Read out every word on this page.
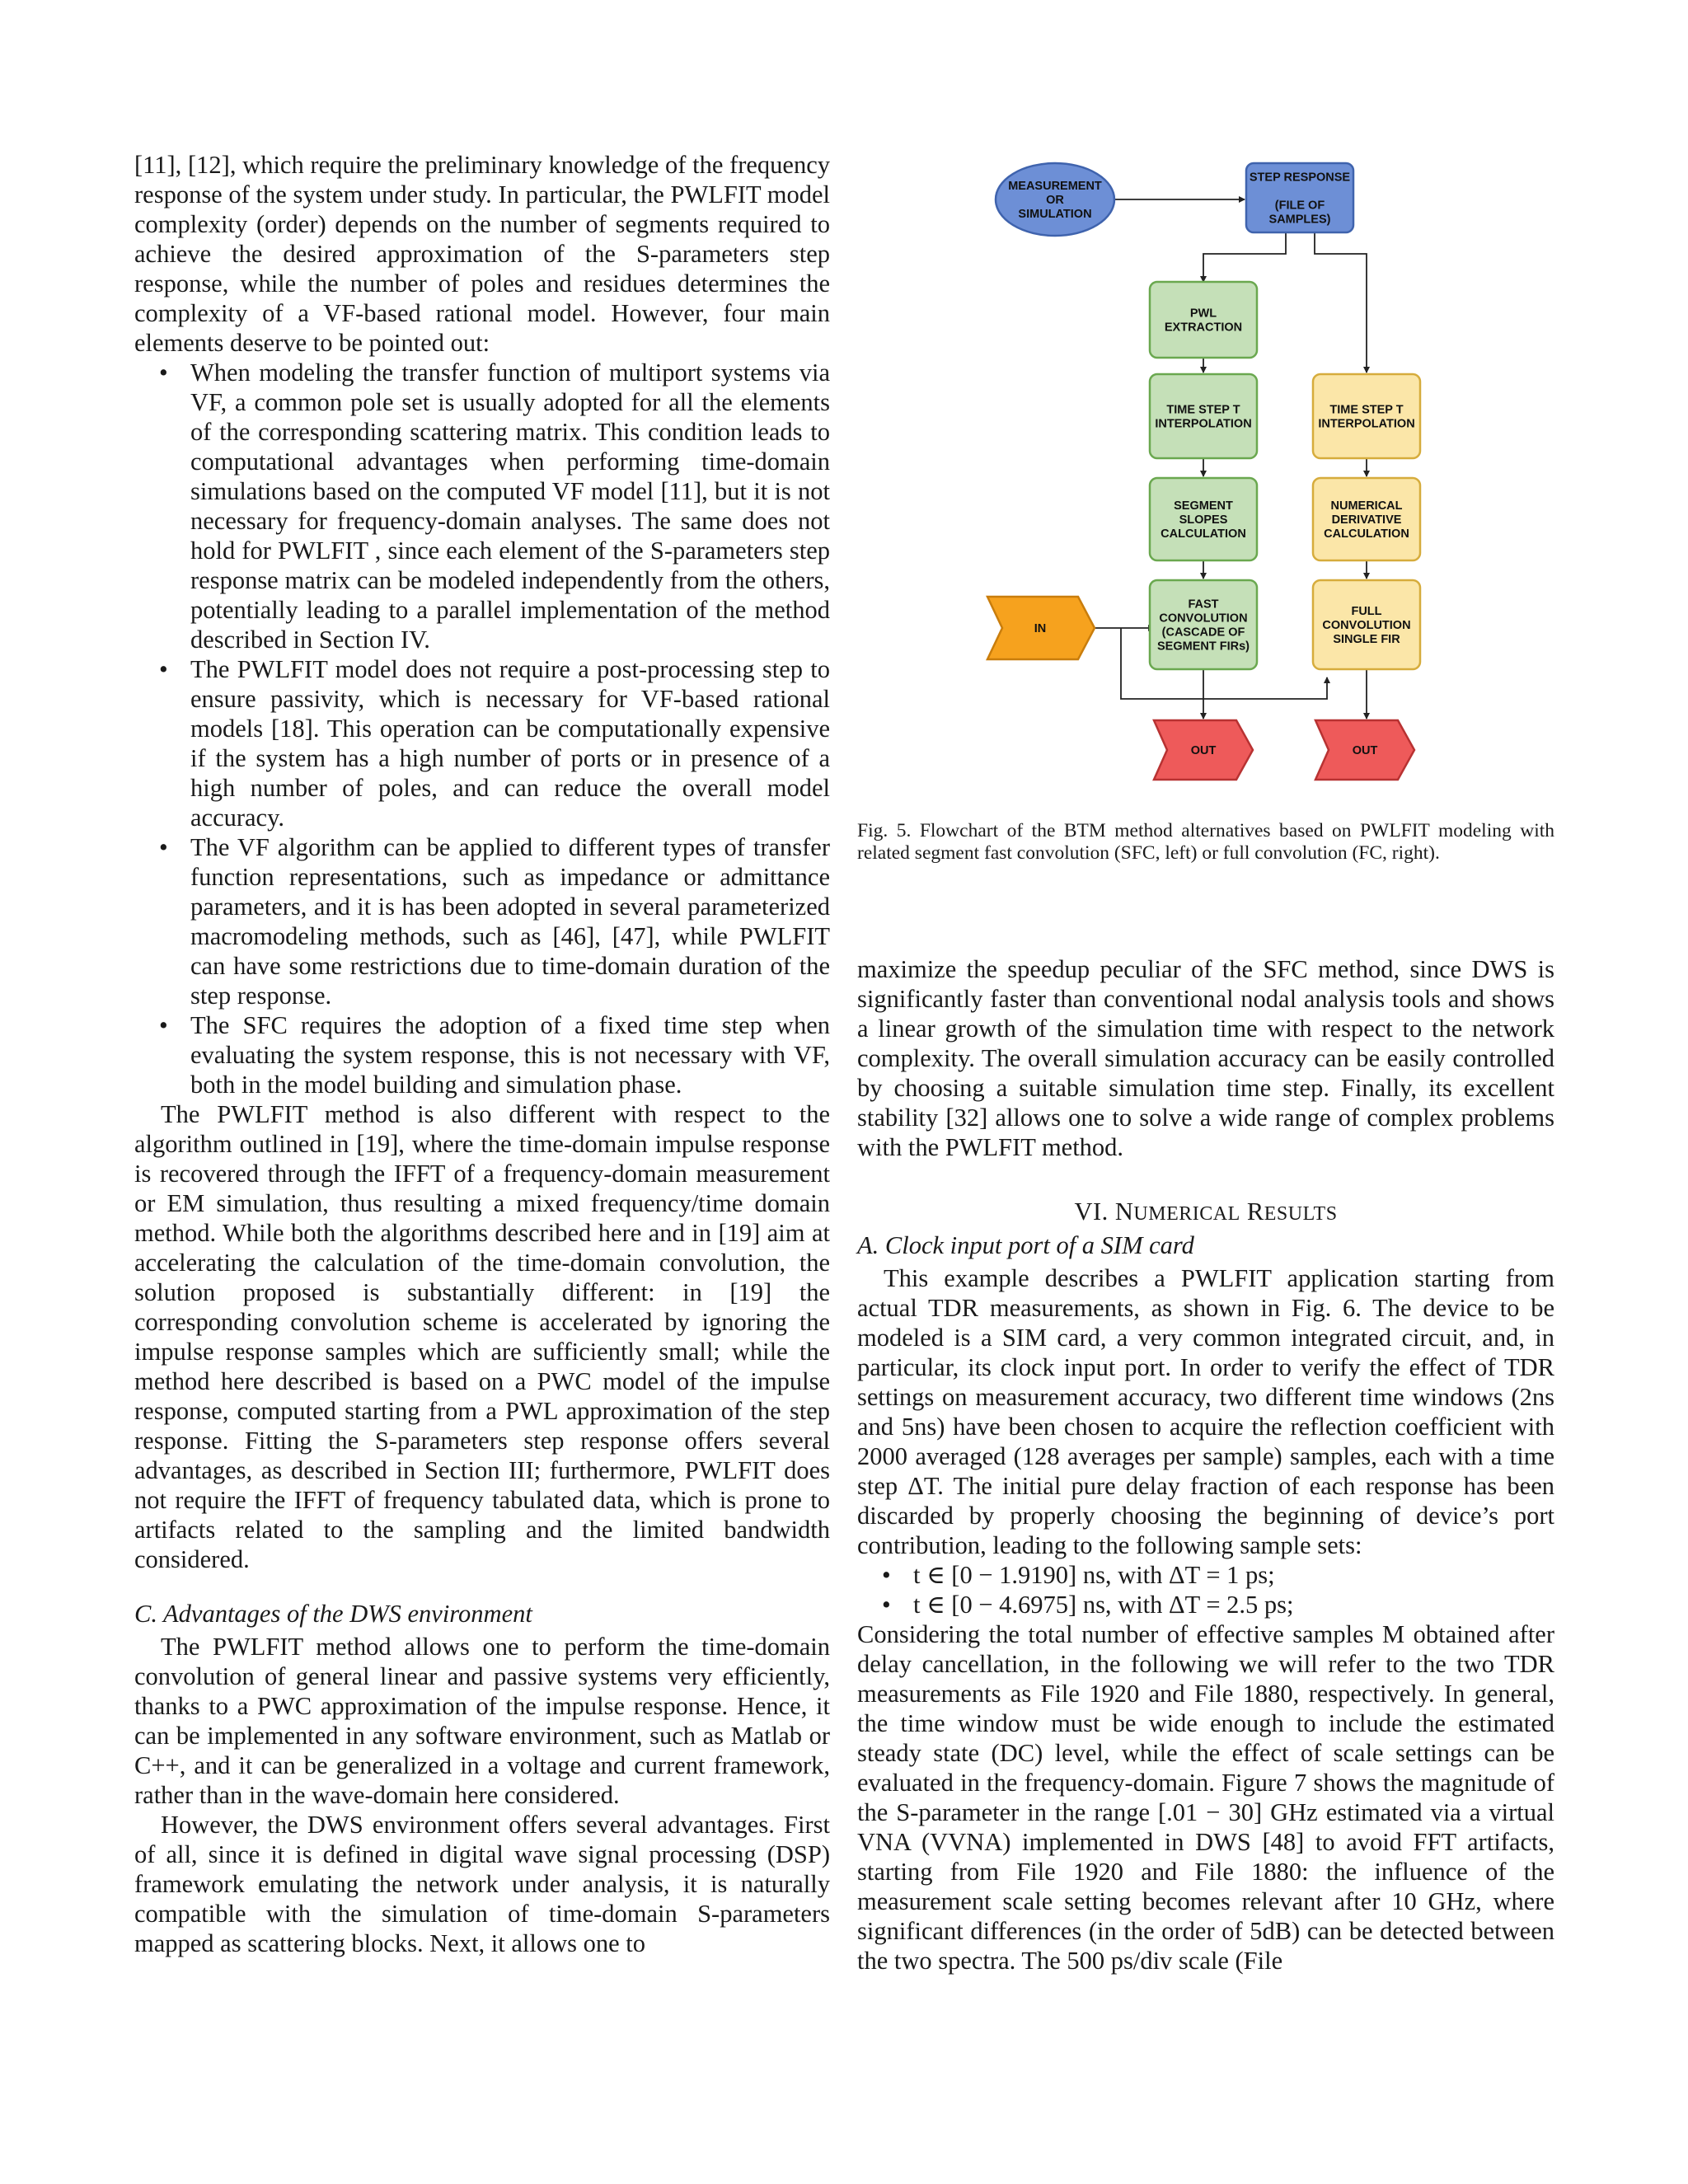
[11], [12], which require the preliminary knowledge of the frequency response of the system under study. In particular, the PWLFIT model complexity (order) depends on the number of segments required to achieve the desired approximation of the S-parameters step response, while the number of poles and residues determines the complexity of a VF-based rational model. However, four main elements deserve to be pointed out:

• When modeling the transfer function of multiport systems via VF, a common pole set is usually adopted for all the elements of the corresponding scattering matrix. This condition leads to computational advantages when performing time-domain simulations based on the computed VF model [11], but it is not necessary for frequency-domain analyses. The same does not hold for PWLFIT , since each element of the S-parameters step response matrix can be modeled independently from the others, potentially leading to a parallel implementation of the method described in Section IV.
• The PWLFIT model does not require a post-processing step to ensure passivity, which is necessary for VF-based rational models [18]. This operation can be computationally expensive if the system has a high number of ports or in presence of a high number of poles, and can reduce the overall model accuracy.
• The VF algorithm can be applied to different types of transfer function representations, such as impedance or admittance parameters, and it is has been adopted in several parameterized macromodeling methods, such as [46], [47], while PWLFIT can have some restrictions due to time-domain duration of the step response.
• The SFC requires the adoption of a fixed time step when evaluating the system response, this is not necessary with VF, both in the model building and simulation phase.

The PWLFIT method is also different with respect to the algorithm outlined in [19], where the time-domain impulse response is recovered through the IFFT of a frequency-domain measurement or EM simulation, thus resulting a mixed frequency/time domain method. While both the algorithms described here and in [19] aim at accelerating the calculation of the time-domain convolution, the solution proposed is substantially different: in [19] the corresponding convolution scheme is accelerated by ignoring the impulse response samples which are sufficiently small; while the method here described is based on a PWC model of the impulse response, computed starting from a PWL approximation of the step response. Fitting the S-parameters step response offers several advantages, as described in Section III; furthermore, PWLFIT does not require the IFFT of frequency tabulated data, which is prone to artifacts related to the sampling and the limited bandwidth considered.

C. Advantages of the DWS environment

The PWLFIT method allows one to perform the time-domain convolution of general linear and passive systems very efficiently, thanks to a PWC approximation of the impulse response. Hence, it can be implemented in any software environment, such as Matlab or C++, and it can be generalized in a voltage and current framework, rather than in the wave-domain here considered.

However, the DWS environment offers several advantages. First of all, since it is defined in digital wave signal processing (DSP) framework emulating the network under analysis, it is naturally compatible with the simulation of time-domain S-parameters mapped as scattering blocks. Next, it allows one to

MEASUREMENT OR SIMULATION
STEP RESPONSE (FILE OF SAMPLES)
PWL EXTRACTION
TIME STEP T INTERPOLATION
SEGMENT SLOPES CALCULATION
FAST CONVOLUTION (CASCADE OF SEGMENT FIRs)
TIME STEP T INTERPOLATION
NUMERICAL DERIVATIVE CALCULATION
FULL CONVOLUTION SINGLE FIR
IN
OUT	OUT

Fig. 5. Flowchart of the BTM method alternatives based on PWLFIT modeling with related segment fast convolution (SFC, left) or full convolution (FC, right).

maximize the speedup peculiar of the SFC method, since DWS is significantly faster than conventional nodal analysis tools and shows a linear growth of the simulation time with respect to the network complexity. The overall simulation accuracy can be easily controlled by choosing a suitable simulation time step. Finally, its excellent stability [32] allows one to solve a wide range of complex problems with the PWLFIT method.

VI. NUMERICAL RESULTS

A. Clock input port of a SIM card

This example describes a PWLFIT application starting from actual TDR measurements, as shown in Fig. 6. The device to be modeled is a SIM card, a very common integrated circuit, and, in particular, its clock input port. In order to verify the effect of TDR settings on measurement accuracy, two different time windows (2ns and 5ns) have been chosen to acquire the reflection coefficient with 2000 averaged (128 averages per sample) samples, each with a time step ΔT. The initial pure delay fraction of each response has been discarded by properly choosing the beginning of device’s port contribution, leading to the following sample sets:

• t ∈ [0 − 1.9190] ns, with ΔT = 1 ps;
• t ∈ [0 − 4.6975] ns, with ΔT = 2.5 ps;

Considering the total number of effective samples M obtained after delay cancellation, in the following we will refer to the two TDR measurements as File 1920 and File 1880, respectively. In general, the time window must be wide enough to include the estimated steady state (DC) level, while the effect of scale settings can be evaluated in the frequency-domain. Figure 7 shows the magnitude of the S-parameter in the range [.01 − 30] GHz estimated via a virtual VNA (VVNA) implemented in DWS [48] to avoid FFT artifacts, starting from File 1920 and File 1880: the influence of the measurement scale setting becomes relevant after 10 GHz, where significant differences (in the order of 5dB) can be detected between the two spectra. The 500 ps/div scale (File
